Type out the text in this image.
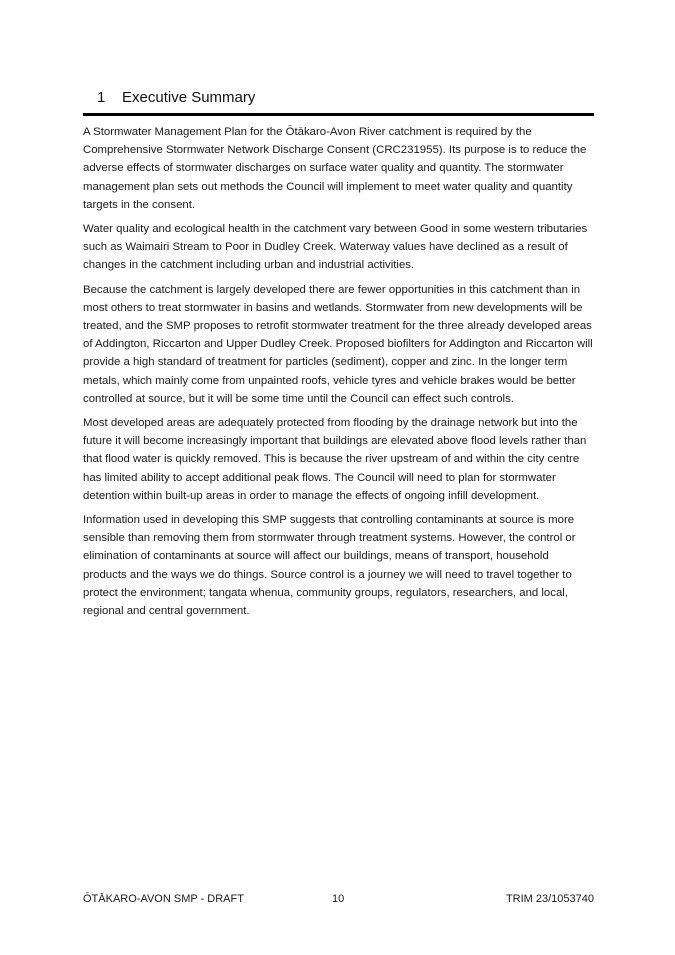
1 Executive Summary

A Stormwater Management Plan for the Ōtākaro-Avon River catchment is required by the Comprehensive Stormwater Network Discharge Consent (CRC231955). Its purpose is to reduce the adverse effects of stormwater discharges on surface water quality and quantity. The stormwater management plan sets out methods the Council will implement to meet water quality and quantity targets in the consent.

Water quality and ecological health in the catchment vary between Good in some western tributaries such as Waimairi Stream to Poor in Dudley Creek. Waterway values have declined as a result of changes in the catchment including urban and industrial activities.

Because the catchment is largely developed there are fewer opportunities in this catchment than in most others to treat stormwater in basins and wetlands. Stormwater from new developments will be treated, and the SMP proposes to retrofit stormwater treatment for the three already developed areas of Addington, Riccarton and Upper Dudley Creek. Proposed biofilters for Addington and Riccarton will provide a high standard of treatment for particles (sediment), copper and zinc. In the longer term metals, which mainly come from unpainted roofs, vehicle tyres and vehicle brakes would be better controlled at source, but it will be some time until the Council can effect such controls.

Most developed areas are adequately protected from flooding by the drainage network but into the future it will become increasingly important that buildings are elevated above flood levels rather than that flood water is quickly removed. This is because the river upstream of and within the city centre has limited ability to accept additional peak flows. The Council will need to plan for stormwater detention within built-up areas in order to manage the effects of ongoing infill development.

Information used in developing this SMP suggests that controlling contaminants at source is more sensible than removing them from stormwater through treatment systems. However, the control or elimination of contaminants at source will affect our buildings, means of transport, household products and the ways we do things. Source control is a journey we will need to travel together to protect the environment; tangata whenua, community groups, regulators, researchers, and local, regional and central government.

ŌTĀKARO-AVON SMP - DRAFT	10	TRIM 23/1053740
